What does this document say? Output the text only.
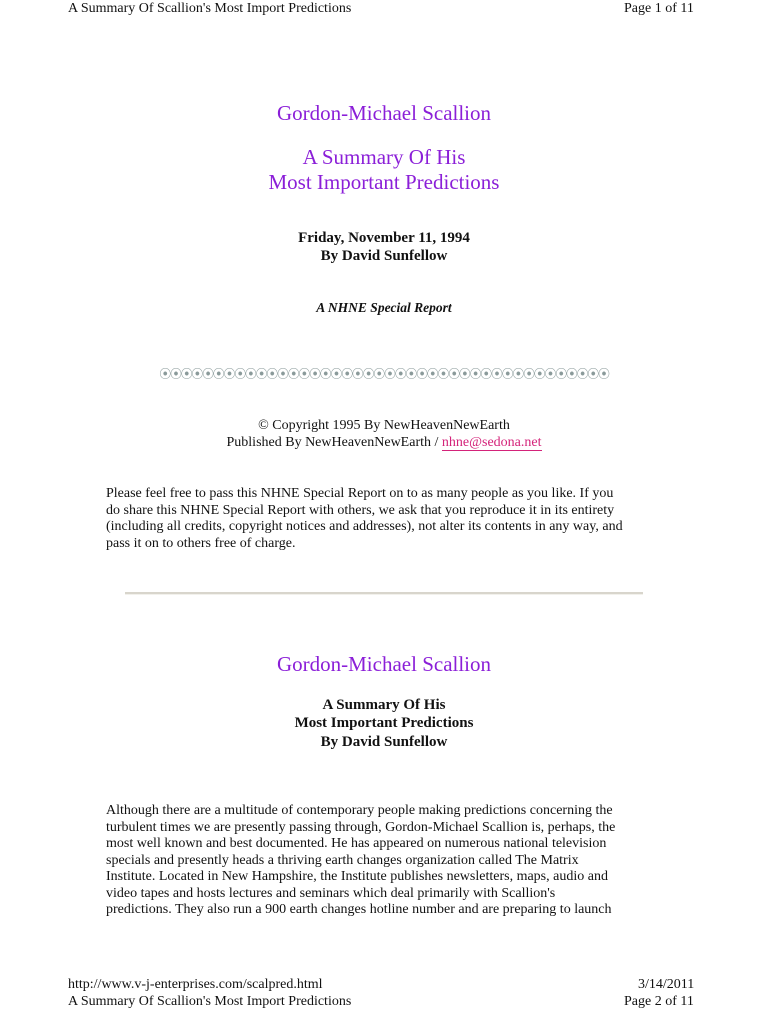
A Summary Of Scallion's Most Import Predictions	Page 1 of 11
Gordon-Michael Scallion
A Summary Of His
Most Important Predictions
Friday, November 11, 1994
By David Sunfellow
A NHNE Special Report
⦿⦿⦿⦿⦿⦿⦿⦿⦿⦿⦿⦿⦿⦿⦿⦿⦿⦿⦿⦿⦿⦿⦿⦿⦿⦿⦿⦿⦿⦿⦿⦿⦿⦿⦿⦿⦿⦿⦿⦿⦿⦿
© Copyright 1995 By NewHeavenNewEarth
Published By NewHeavenNewEarth / nhne@sedona.net
Please feel free to pass this NHNE Special Report on to as many people as you like. If you
do share this NHNE Special Report with others, we ask that you reproduce it in its entirety
(including all credits, copyright notices and addresses), not alter its contents in any way, and
pass it on to others free of charge.
Gordon-Michael Scallion
A Summary Of His
Most Important Predictions
By David Sunfellow
Although there are a multitude of contemporary people making predictions concerning the
turbulent times we are presently passing through, Gordon-Michael Scallion is, perhaps, the
most well known and best documented. He has appeared on numerous national television
specials and presently heads a thriving earth changes organization called The Matrix
Institute. Located in New Hampshire, the Institute publishes newsletters, maps, audio and
video tapes and hosts lectures and seminars which deal primarily with Scallion's
predictions. They also run a 900 earth changes hotline number and are preparing to launch
http://www.v-j-enterprises.com/scalpred.html	3/14/2011
A Summary Of Scallion's Most Import Predictions	Page 2 of 11
